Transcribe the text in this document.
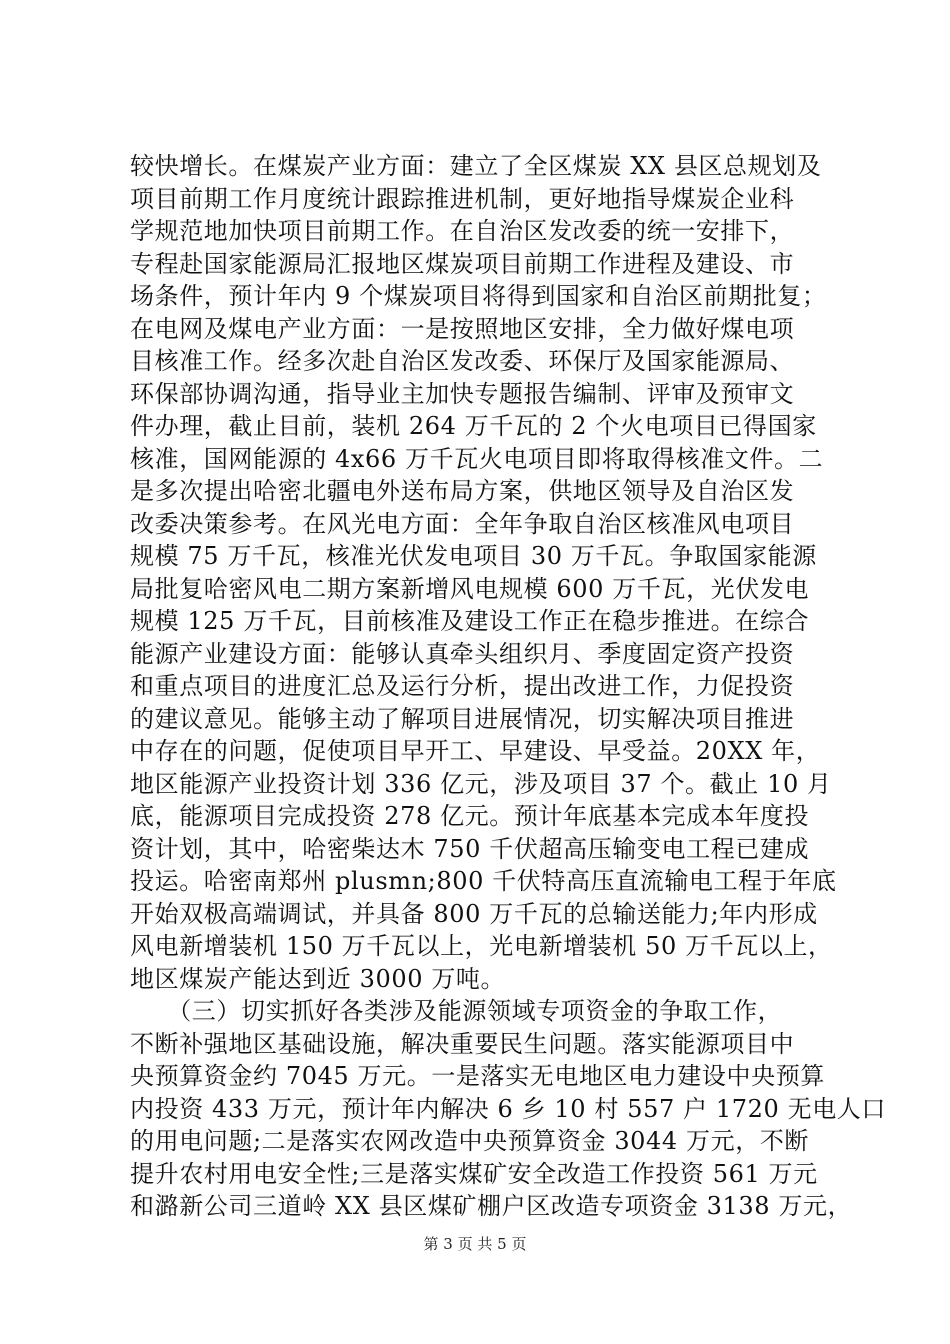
较快增长。在煤炭产业方面：建立了全区煤炭 XX 县区总规划及
项目前期工作月度统计跟踪推进机制，更好地指导煤炭企业科
学规范地加快项目前期工作。在自治区发改委的统一安排下，
专程赴国家能源局汇报地区煤炭项目前期工作进程及建设、市
场条件，预计年内 9 个煤炭项目将得到国家和自治区前期批复；
在电网及煤电产业方面：一是按照地区安排，全力做好煤电项
目核准工作。经多次赴自治区发改委、环保厅及国家能源局、
环保部协调沟通，指导业主加快专题报告编制、评审及预审文
件办理，截止目前，装机 264 万千瓦的 2 个火电项目已得国家
核准，国网能源的 4x66 万千瓦火电项目即将取得核准文件。二
是多次提出哈密北疆电外送布局方案，供地区领导及自治区发
改委决策参考。在风光电方面：全年争取自治区核准风电项目
规模 75 万千瓦，核准光伏发电项目 30 万千瓦。争取国家能源
局批复哈密风电二期方案新增风电规模 600 万千瓦，光伏发电
规模 125 万千瓦，目前核准及建设工作正在稳步推进。在综合
能源产业建设方面：能够认真牵头组织月、季度固定资产投资
和重点项目的进度汇总及运行分析，提出改进工作，力促投资
的建议意见。能够主动了解项目进展情况，切实解决项目推进
中存在的问题，促使项目早开工、早建设、早受益。20XX 年，
地区能源产业投资计划 336 亿元，涉及项目 37 个。截止 10 月
底，能源项目完成投资 278 亿元。预计年底基本完成本年度投
资计划，其中，哈密柴达木 750 千伏超高压输变电工程已建成
投运。哈密南郑州 plusmn;800 千伏特高压直流输电工程于年底
开始双极高端调试，并具备 800 万千瓦的总输送能力;年内形成
风电新增装机 150 万千瓦以上，光电新增装机 50 万千瓦以上，
地区煤炭产能达到近 3000 万吨。
　　（三）切实抓好各类涉及能源领域专项资金的争取工作，
不断补强地区基础设施，解决重要民生问题。落实能源项目中
央预算资金约 7045 万元。一是落实无电地区电力建设中央预算
内投资 433 万元，预计年内解决 6 乡 10 村 557 户 1720 无电人口
的用电问题;二是落实农网改造中央预算资金 3044 万元，不断
提升农村用电安全性;三是落实煤矿安全改造工作投资 561 万元
和潞新公司三道岭 XX 县区煤矿棚户区改造专项资金 3138 万元，
第 3 页 共 5 页
